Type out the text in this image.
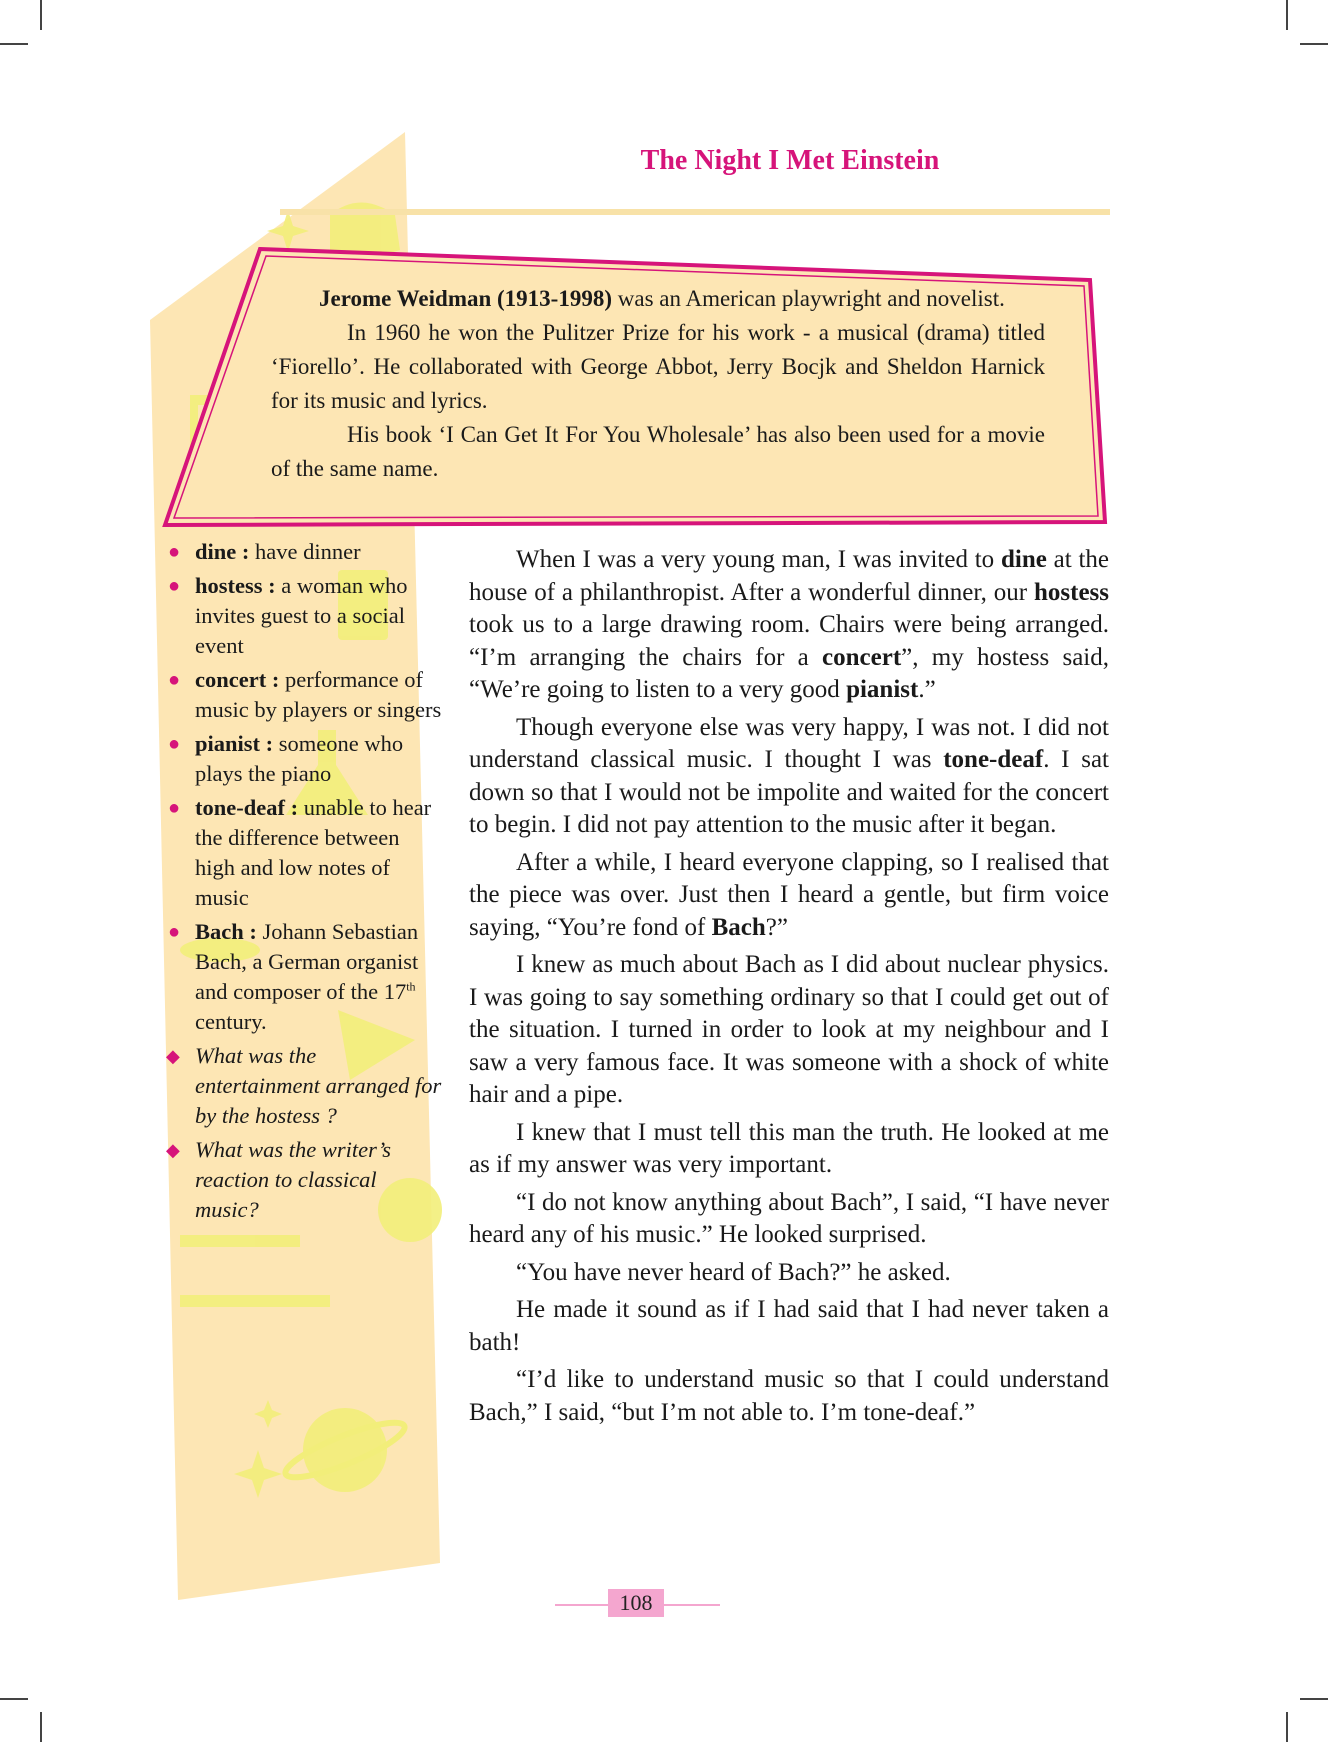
The Night I Met Einstein

Jerome Weidman (1913-1998) was an American playwright and novelist.

In 1960 he won the Pulitzer Prize for his work - a musical (drama) titled ‘Fiorello’. He collaborated with George Abbot, Jerry Bocjk and Sheldon Harnick for its music and lyrics.

His book ‘I Can Get It For You Wholesale’ has also been used for a movie of the same name.

● dine : have dinner
● hostess : a woman who invites guest to a social event
● concert : performance of music by players or singers
● pianist : someone who plays the piano
● tone-deaf : unable to hear the difference between high and low notes of music
● Bach : Johann Sebastian Bach, a German organist and composer of the 17th century.
◆ What was the entertainment arranged for by the hostess ?
◆ What was the writer’s reaction to classical music?

When I was a very young man, I was invited to dine at the house of a philanthropist. After a wonderful dinner, our hostess took us to a large drawing room. Chairs were being arranged. “I’m arranging the chairs for a concert”, my hostess said, “We’re going to listen to a very good pianist.”

Though everyone else was very happy, I was not. I did not understand classical music. I thought I was tone-deaf. I sat down so that I would not be impolite and waited for the concert to begin. I did not pay attention to the music after it began.

After a while, I heard everyone clapping, so I realised that the piece was over. Just then I heard a gentle, but firm voice saying, “You’re fond of Bach?”

I knew as much about Bach as I did about nuclear physics. I was going to say something ordinary so that I could get out of the situation. I turned in order to look at my neighbour and I saw a very famous face. It was someone with a shock of white hair and a pipe.

I knew that I must tell this man the truth. He looked at me as if my answer was very important.

“I do not know anything about Bach”, I said, “I have never heard any of his music.” He looked surprised.

“You have never heard of Bach?” he asked.

He made it sound as if I had said that I had never taken a bath!

“I’d like to understand music so that I could understand Bach,” I said, “but I’m not able to. I’m tone-deaf.”

108
